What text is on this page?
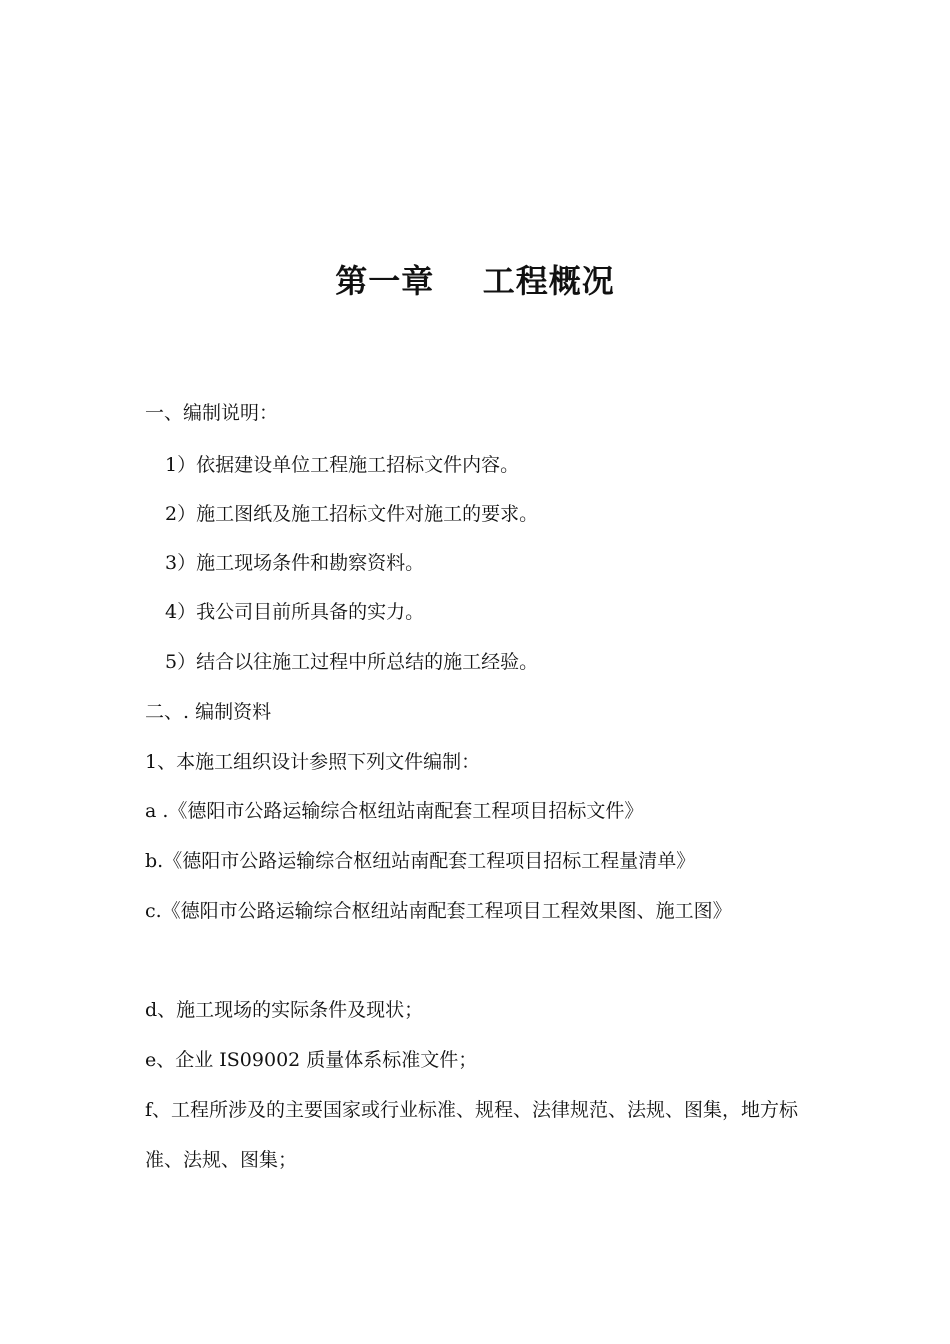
第一章    工程概况
一、编制说明：
1）依据建设单位工程施工招标文件内容。
2）施工图纸及施工招标文件对施工的要求。
3）施工现场条件和勘察资料。
4）我公司目前所具备的实力。
5）结合以往施工过程中所总结的施工经验。
二、. 编制资料
1、本施工组织设计参照下列文件编制：
a .《德阳市公路运输综合枢纽站南配套工程项目招标文件》
b.《德阳市公路运输综合枢纽站南配套工程项目招标工程量清单》
c.《德阳市公路运输综合枢纽站南配套工程项目工程效果图、施工图》
d、施工现场的实际条件及现状；
e、企业 IS09002 质量体系标准文件；
f、工程所涉及的主要国家或行业标准、规程、法律规范、法规、图集，地方标准、法规、图集；
